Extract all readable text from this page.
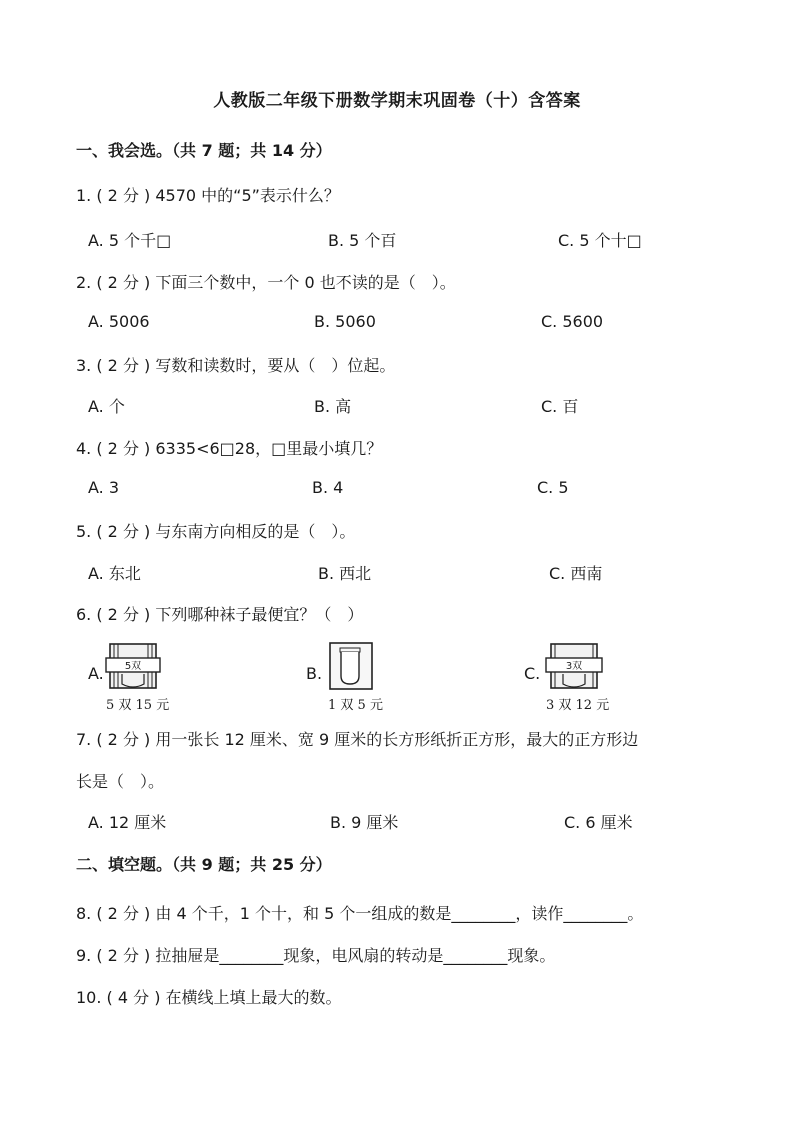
人教版二年级下册数学期末巩固卷（十）含答案
一、我会选。（共 7 题；共 14 分）
1. ( 2 分 ) 4570 中的“5”表示什么？
A. 5 个千□	B. 5 个百	C. 5 个十□
2. ( 2 分 ) 下面三个数中，一个 0 也不读的是（　）。
A. 5006	B. 5060	C. 5600
3. ( 2 分 ) 写数和读数时，要从（　）位起。
A. 个	B. 高	C. 百
4. ( 2 分 ) 6335<6□28，□里最小填几？
A. 3	B. 4	C. 5
5. ( 2 分 ) 与东南方向相反的是（　）。
A. 东北	B. 西北	C. 西南
6. ( 2 分 ) 下列哪种袜子最便宜？（　）
A. 5双
5 双 15 元
B.
1 双 5 元
C.	3双
3 双 12 元
7. ( 2 分 ) 用一张长 12 厘米、宽 9 厘米的长方形纸折正方形，最大的正方形边
长是（　）。
A. 12 厘米	B. 9 厘米	C. 6 厘米
二、填空题。（共 9 题；共 25 分）
8. ( 2 分 ) 由 4 个千，1 个十，和 5 个一组成的数是________，读作________。
9. ( 2 分 ) 拉抽屉是________现象，电风扇的转动是________现象。
10. ( 4 分 ) 在横线上填上最大的数。
